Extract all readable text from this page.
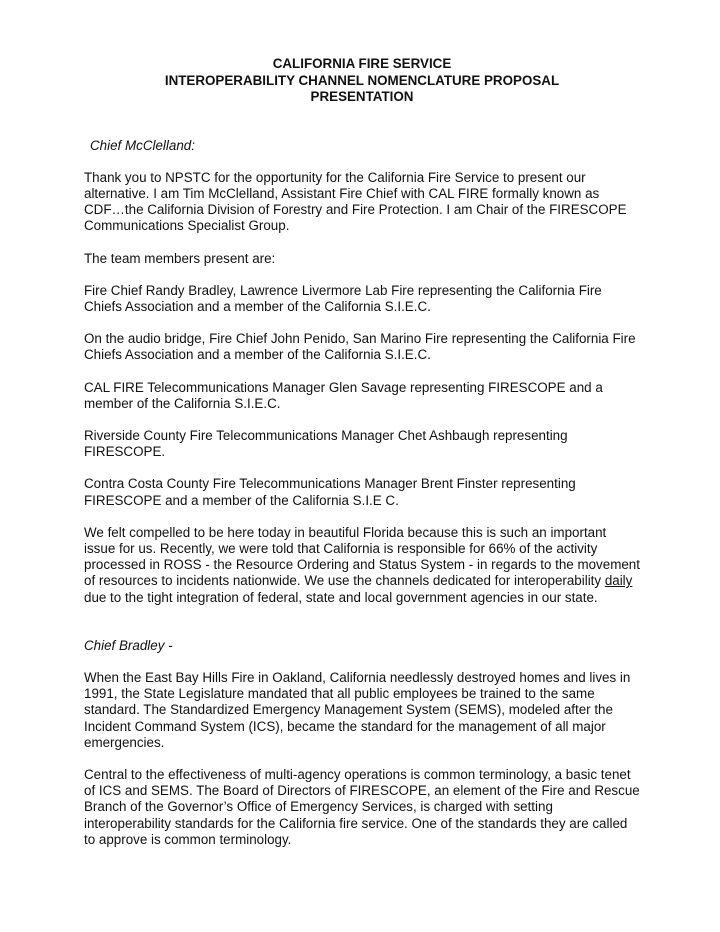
CALIFORNIA FIRE SERVICE
INTEROPERABILITY CHANNEL NOMENCLATURE PROPOSAL
PRESENTATION
Chief McClelland:

Thank you to NPSTC for the opportunity for the California Fire Service to present our alternative. I am Tim McClelland, Assistant Fire Chief with CAL FIRE formally known as CDF…the California Division of Forestry and Fire Protection. I am Chair of the FIRESCOPE Communications Specialist Group.

The team members present are:

Fire Chief Randy Bradley, Lawrence Livermore Lab Fire representing the California Fire Chiefs Association and a member of the California S.I.E.C.

On the audio bridge, Fire Chief John Penido, San Marino Fire representing the California Fire Chiefs Association and a member of the California S.I.E.C.

CAL FIRE Telecommunications Manager Glen Savage representing FIRESCOPE and a member of the California S.I.E.C.

Riverside County Fire Telecommunications Manager Chet Ashbaugh representing FIRESCOPE.

Contra Costa County Fire Telecommunications Manager Brent Finster representing FIRESCOPE and a member of the California S.I.E C.

We felt compelled to be here today in beautiful Florida because this is such an important issue for us. Recently, we were told that California is responsible for 66% of the activity processed in ROSS - the Resource Ordering and Status System - in regards to the movement of resources to incidents nationwide. We use the channels dedicated for interoperability daily due to the tight integration of federal, state and local government agencies in our state.

Chief Bradley -

When the East Bay Hills Fire in Oakland, California needlessly destroyed homes and lives in 1991, the State Legislature mandated that all public employees be trained to the same standard. The Standardized Emergency Management System (SEMS), modeled after the Incident Command System (ICS), became the standard for the management of all major emergencies.

Central to the effectiveness of multi-agency operations is common terminology, a basic tenet of ICS and SEMS. The Board of Directors of FIRESCOPE, an element of the Fire and Rescue Branch of the Governor’s Office of Emergency Services, is charged with setting interoperability standards for the California fire service. One of the standards they are called to approve is common terminology.
